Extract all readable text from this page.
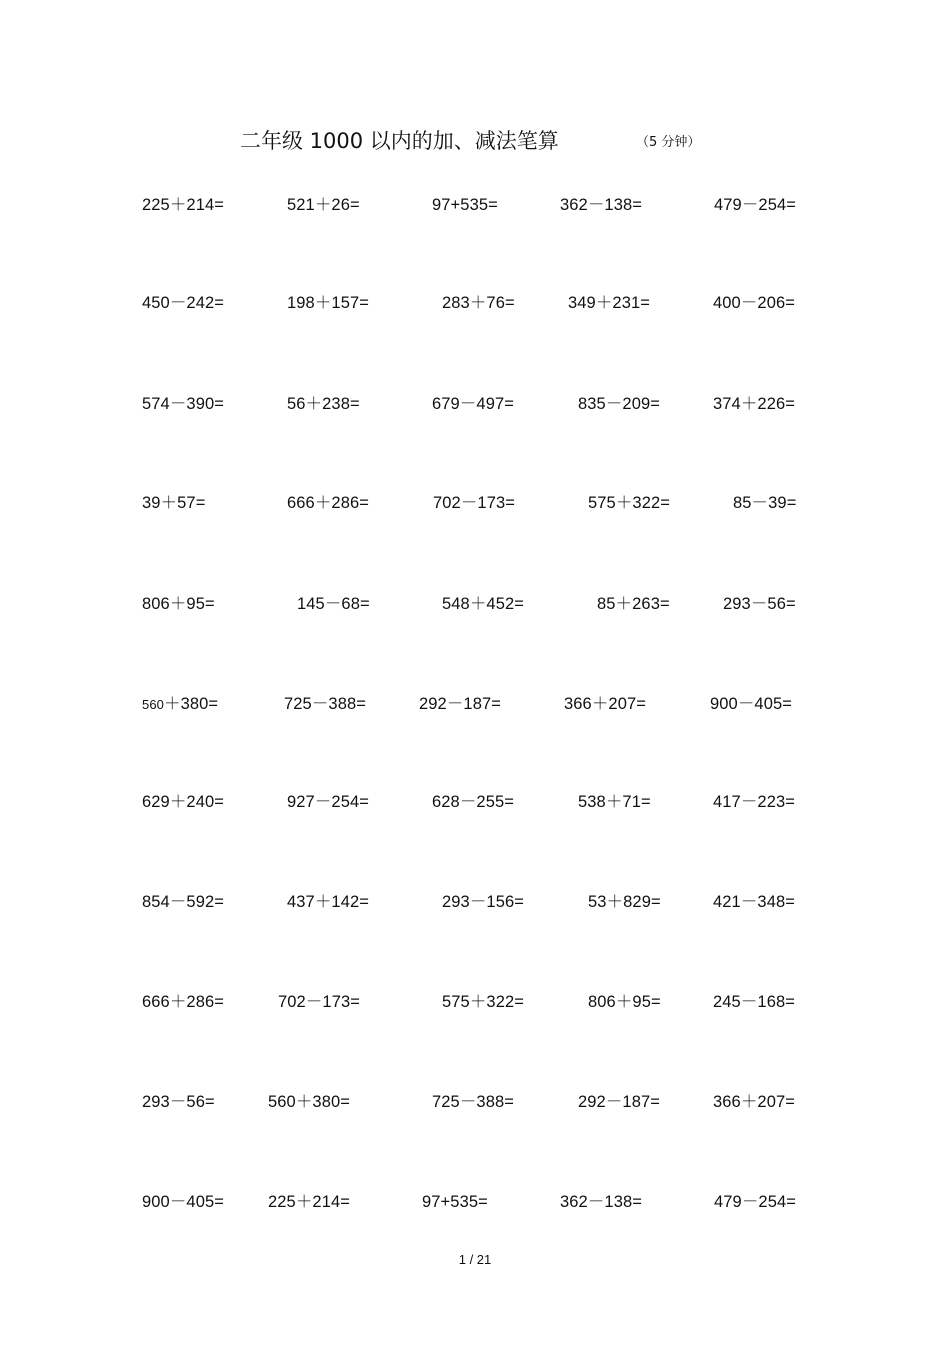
二年级 1000 以内的加、减法笔算	（5 分钟）
225＋214=	521＋26=	97+535=	362－138=	479－254=
450－242=	198＋157=	283＋76=	349＋231=	400－206=
574－390=	56＋238=	679－497=	835－209=	374＋226=
39＋57=	666＋286=	702－173=	575＋322=	85－39=
806＋95=	145－68=	548＋452=	85＋263=	293－56=
560＋380=	725－388=	292－187=	366＋207=	900－405=
629＋240=	927－254=	628－255=	538＋71=	417－223=
854－592=	437＋142=	293－156=	53＋829=	421－348=
666＋286=	702－173=	575＋322=	806＋95=	245－168=
293－56=	560＋380=	725－388=	292－187=	366＋207=
900－405=	225＋214=	97+535=	362－138=	479－254=
1 / 21
